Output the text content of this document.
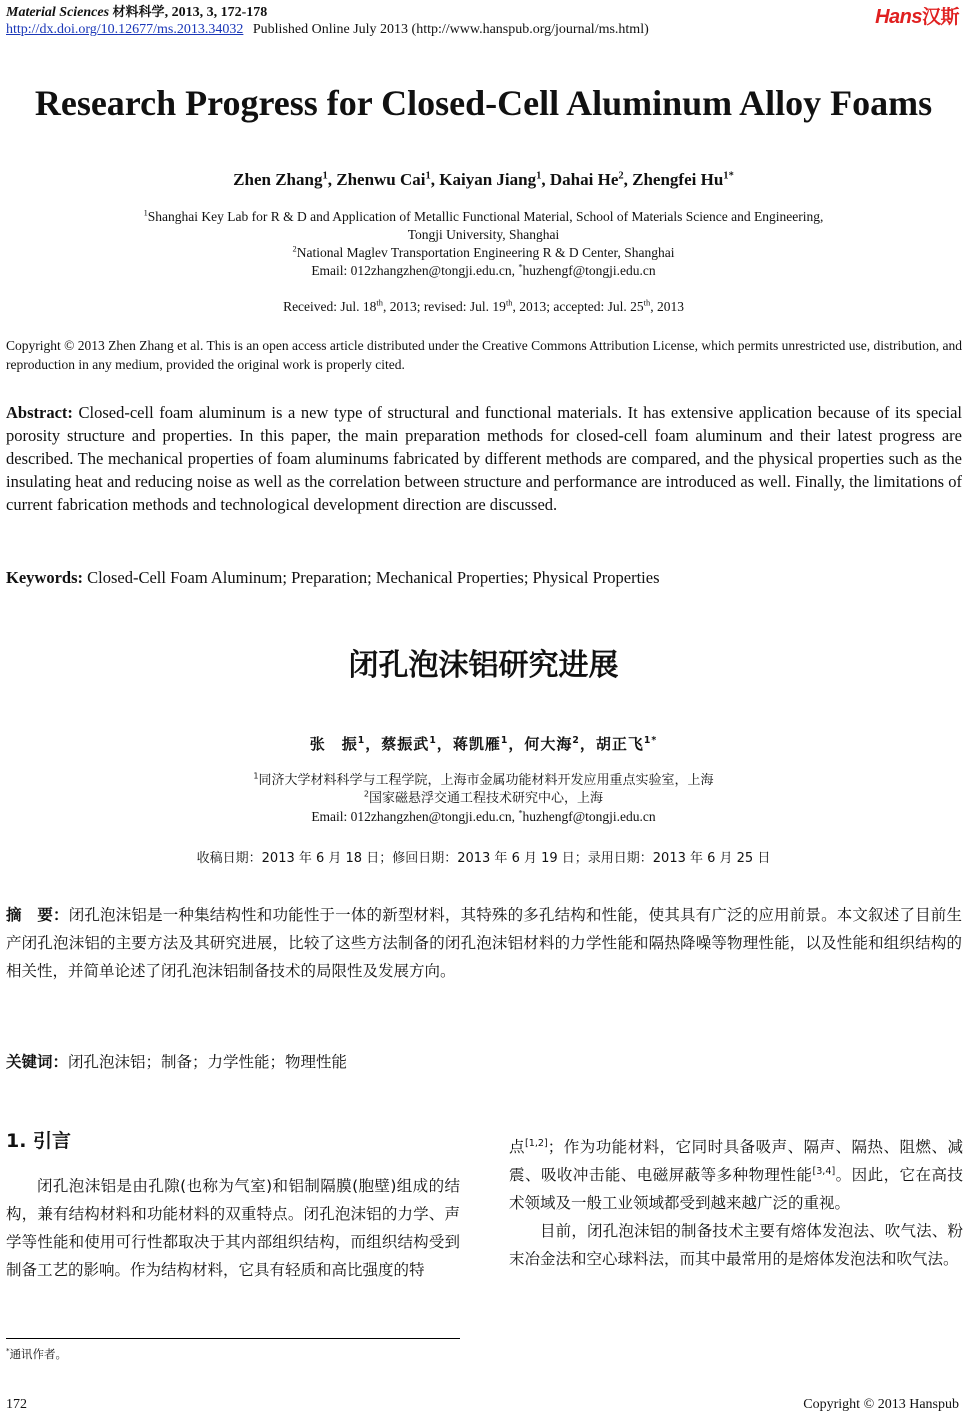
Material Sciences 材料科学, 2013, 3, 172-178
http://dx.doi.org/10.12677/ms.2013.34032 Published Online July 2013 (http://www.hanspub.org/journal/ms.html)
Hans汉斯
Research Progress for Closed-Cell Aluminum Alloy Foams
Zhen Zhang$^1$, Zhenwu Cai$^1$, Kaiyan Jiang$^1$, Dahai He$^2$, Zhengfei $Hu^{1*}$
$^1$Shanghai Key Lab for R & D and Application of Metallic Functional Material, School of Materials Science and Engineering,
Tongji University, Shanghai
$^2$National Maglev Transportation Engineering R & D Center, Shanghai
Email: 012zhangzhen@tongji.edu.cn, *huzhengf@tongji.edu.cn
Received: Jul. 18th, 2013; revised: Jul. 19th, 2013; accepted: Jul. 25th, 2013
Copyright © 2013 Zhen Zhang et al. This is an open access article distributed under the Creative Commons Attribution License, which permits unrestricted use, distribution, and reproduction in any medium, provided the original work is properly cited.
Abstract: Closed-cell foam aluminum is a new type of structural and functional materials. It has extensive application because of its special porosity structure and properties. In this paper, the main preparation methods for closed-cell foam aluminum and their latest progress are described. The mechanical properties of foam aluminums fabricated by different methods are compared, and the physical properties such as the insulating heat and reducing noise as well as the correlation between structure and performance are introduced as well. Finally, the limitations of current fabrication methods and technological development direction are discussed.
Keywords: Closed-Cell Foam Aluminum; Preparation; Mechanical Properties; Physical Properties
闭孔泡沫铝研究进展
张　振$^1$，蔡振武$^1$，蒋凯雁$^1$，何大海$^2$，胡正飞$^{1*}$
$^1$同济大学材料科学与工程学院，上海市金属功能材料开发应用重点实验室，上海
$^2$国家磁悬浮交通工程技术研究中心，上海
Email: 012zhangzhen@tongji.edu.cn, *huzhengf@tongji.edu.cn
收稿日期：2013 年 6 月 18 日；修回日期：2013 年 6 月 19 日；录用日期：2013 年 6 月 25 日
摘　要：闭孔泡沫铝是一种集结构性和功能性于一体的新型材料，其特殊的多孔结构和性能，使其具有广泛的应用前景。本文叙述了目前生产闭孔泡沫铝的主要方法及其研究进展，比较了这些方法制备的闭孔泡沫铝材料的力学性能和隔热降噪等物理性能，以及性能和组织结构的相关性，并简单论述了闭孔泡沫铝制备技术的局限性及发展方向。
关键词：闭孔泡沫铝；制备；力学性能；物理性能
1. 引言

闭孔泡沫铝是由孔隙(也称为气室)和铝制隔膜(胞壁)组成的结构，兼有结构材料和功能材料的双重特点。闭孔泡沫铝的力学、声学等性能和使用可行性都取决于其内部组织结构，而组织结构受到制备工艺的影响。作为结构材料，它具有轻质和高比强度的特

点[1,2]；作为功能材料，它同时具备吸声、隔声、隔热、阻燃、减震、吸收冲击能、电磁屏蔽等多种物理性能[3,4]。因此，它在高技术领域及一般工业领域都受到越来越广泛的重视。

目前，闭孔泡沫铝的制备技术主要有熔体发泡法、吹气法、粉末冶金法和空心球料法，而其中最常用的是熔体发泡法和吹气法。

*通讯作者。
172	Copyright © 2013 Hanspub
